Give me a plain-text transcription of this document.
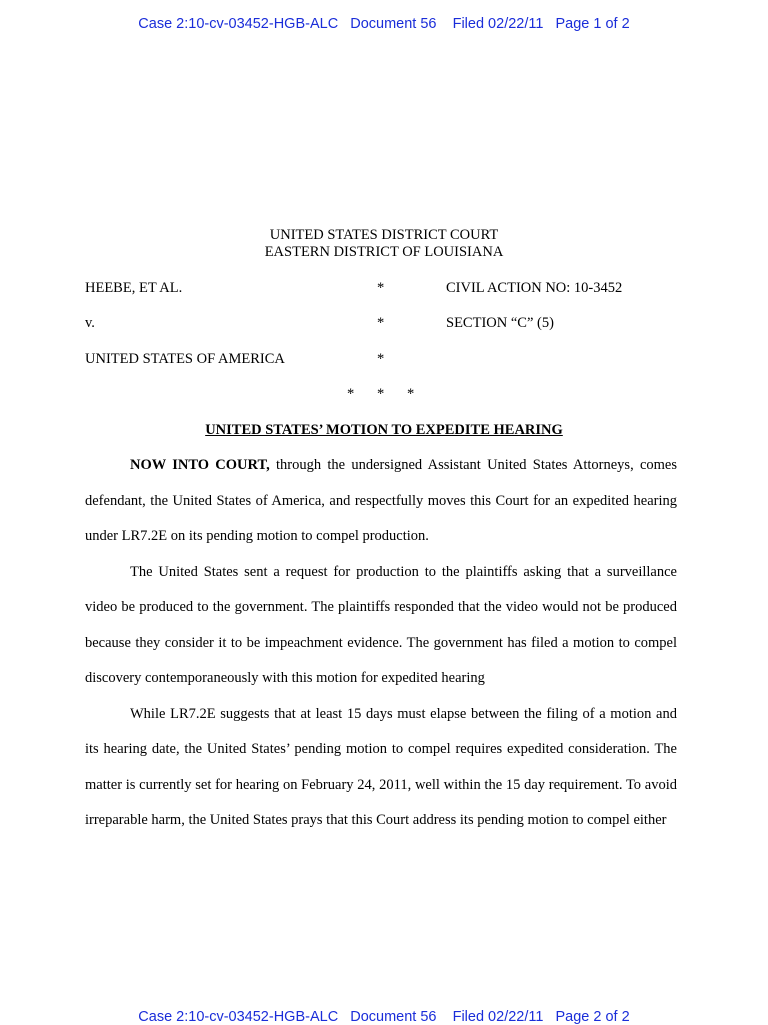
Case 2:10-cv-03452-HGB-ALC   Document 56    Filed 02/22/11   Page 1 of 2
UNITED STATES DISTRICT COURT
EASTERN DISTRICT OF LOUISIANA
HEEBE, ET AL.	*	CIVIL ACTION NO: 10-3452
v.	*	SECTION “C” (5)
UNITED STATES OF AMERICA	*
* * *
UNITED STATES’ MOTION TO EXPEDITE HEARING

NOW INTO COURT, through the undersigned Assistant United States Attorneys, comes defendant, the United States of America, and respectfully moves this Court for an expedited hearing under LR7.2E on its pending motion to compel production.

The United States sent a request for production to the plaintiffs asking that a surveillance video be produced to the government. The plaintiffs responded that the video would not be produced because they consider it to be impeachment evidence. The government has filed a motion to compel discovery contemporaneously with this motion for expedited hearing

While LR7.2E suggests that at least 15 days must elapse between the filing of a motion and its hearing date, the United States’ pending motion to compel requires expedited consideration. The matter is currently set for hearing on February 24, 2011, well within the 15 day requirement. To avoid irreparable harm, the United States prays that this Court address its pending motion to compel either

Case 2:10-cv-03452-HGB-ALC   Document 56    Filed 02/22/11   Page 2 of 2
